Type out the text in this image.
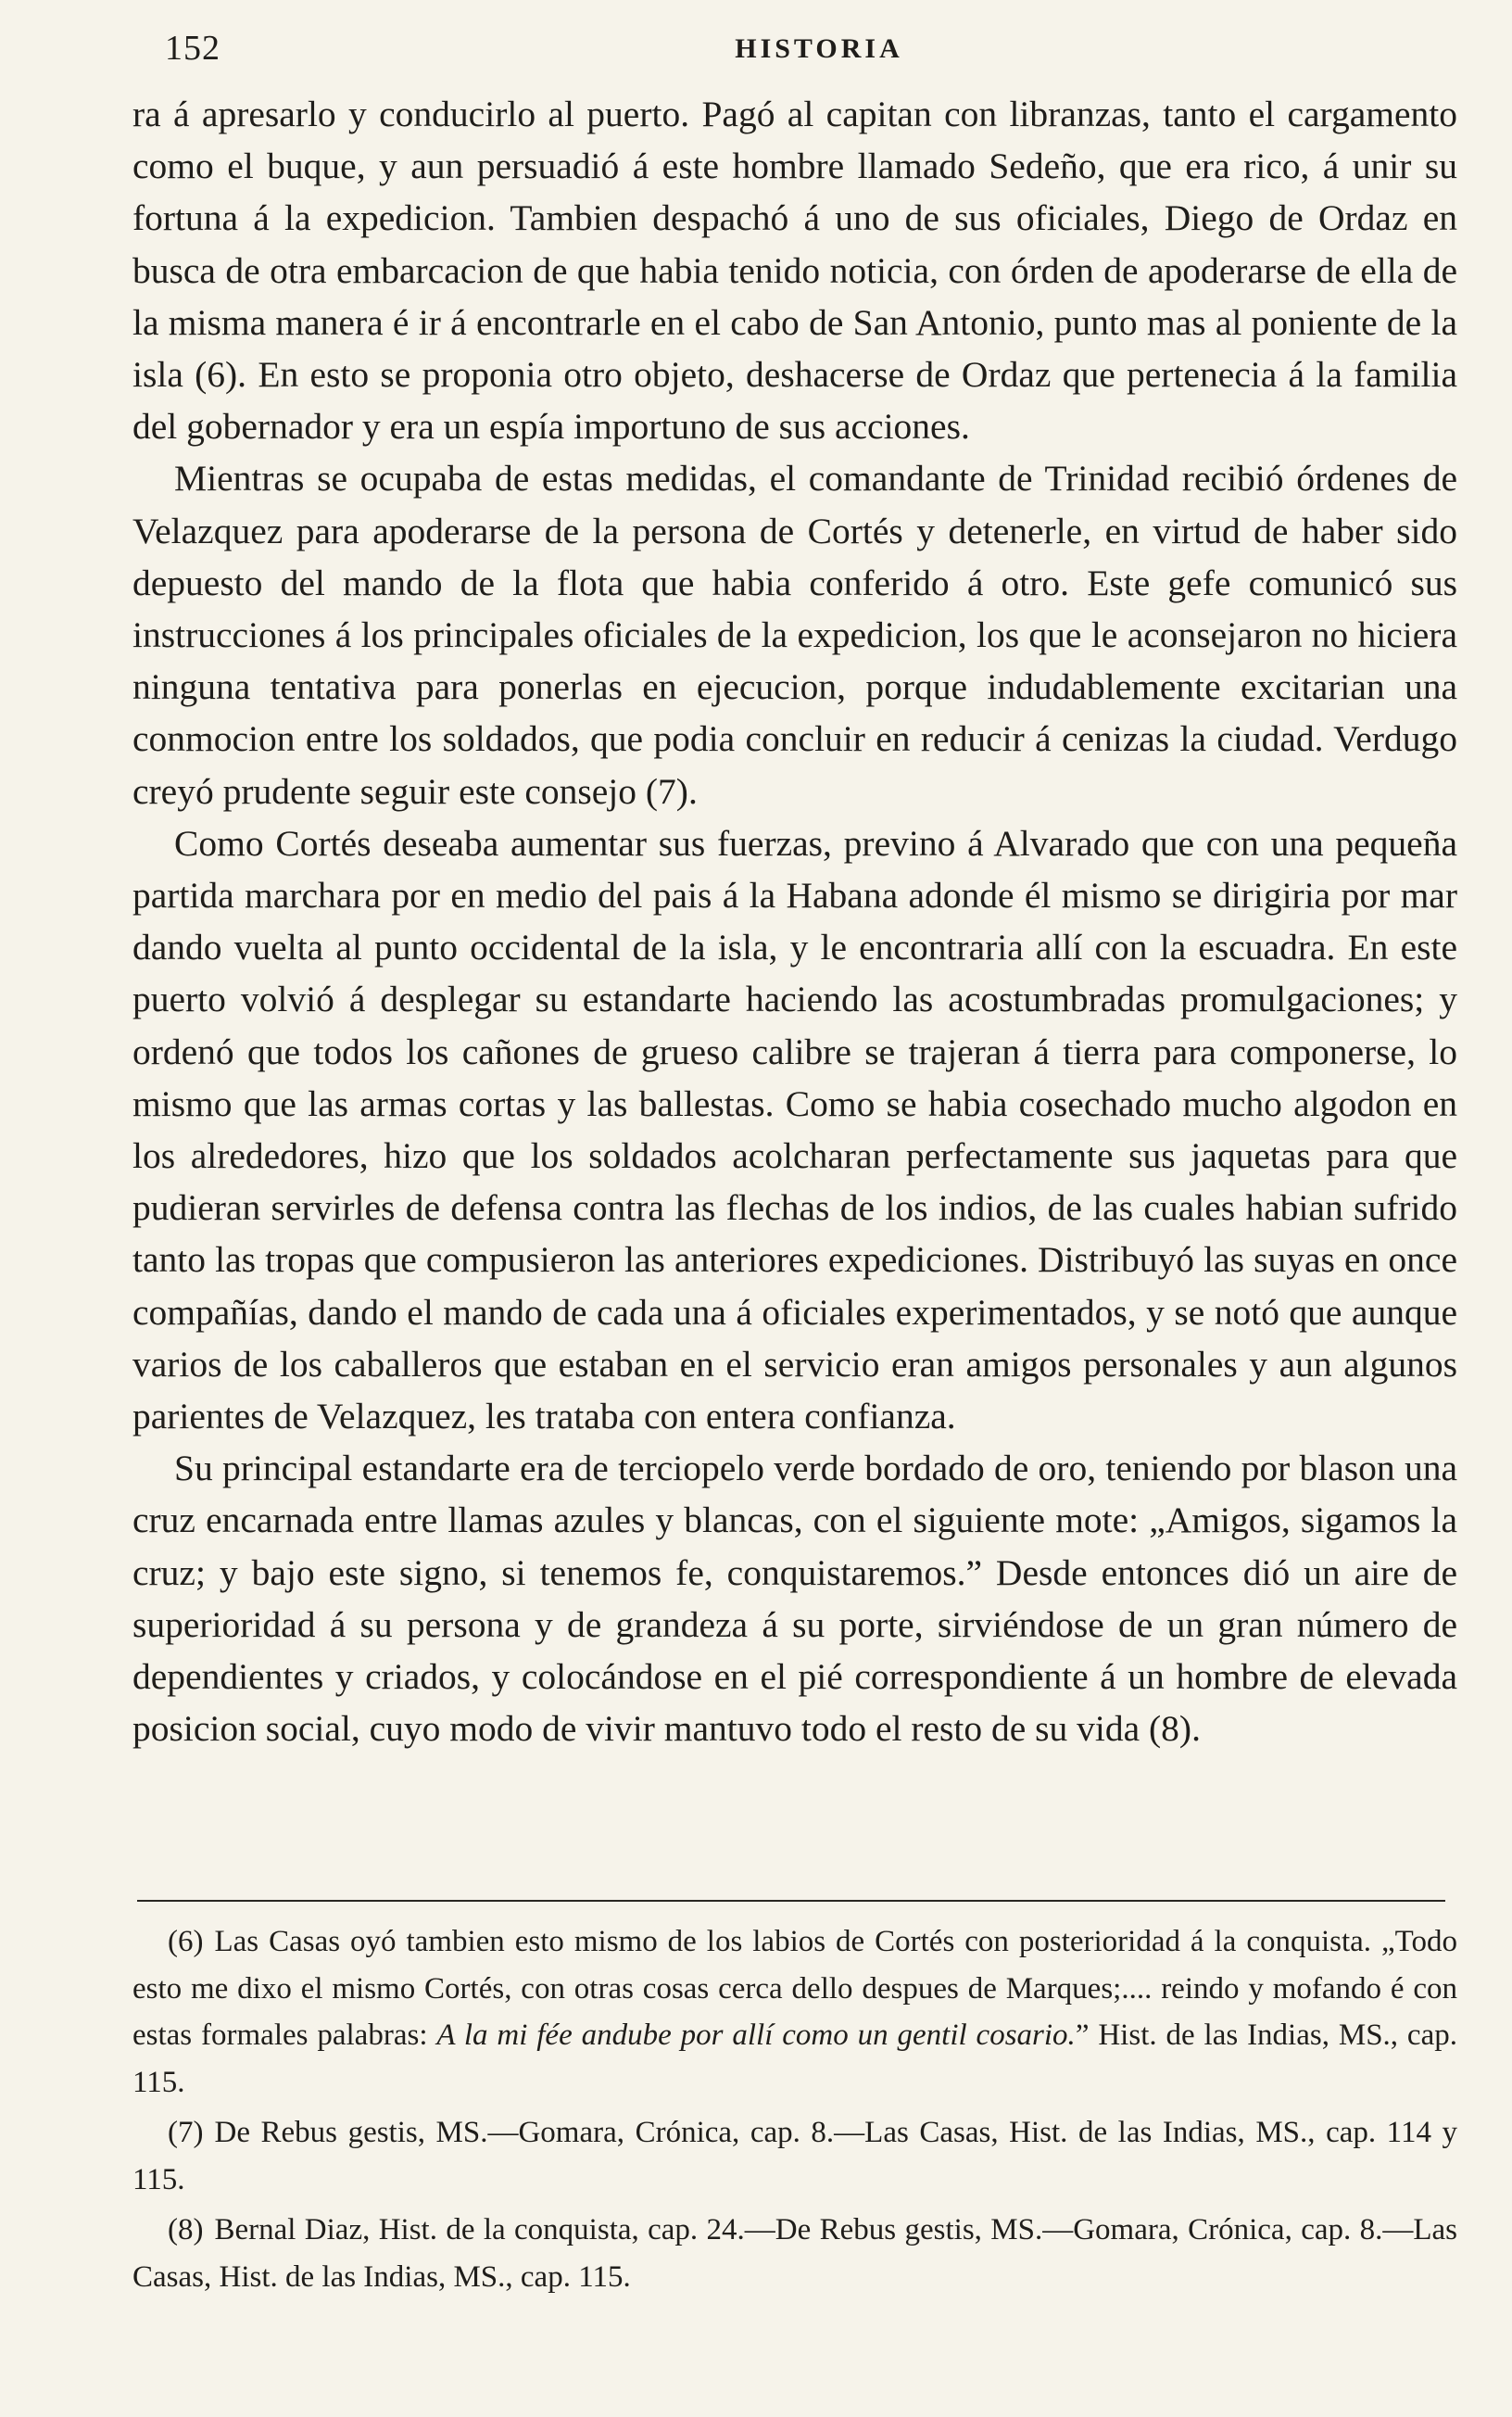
152	HISTORIA

ra á apresarlo y conducirlo al puerto. Pagó al capitan con libranzas, tanto el cargamento como el buque, y aun persuadió á este hombre llamado Sedeño, que era rico, á unir su fortuna á la expedicion. Tambien despachó á uno de sus oficiales, Diego de Ordaz en busca de otra embarcacion de que habia tenido noticia, con órden de apoderarse de ella de la misma manera é ir á encontrarle en el cabo de San Antonio, punto mas al poniente de la isla (6). En esto se proponia otro objeto, deshacerse de Ordaz que pertenecia á la familia del gobernador y era un espía importuno de sus acciones.

Mientras se ocupaba de estas medidas, el comandante de Trinidad recibió órdenes de Velazquez para apoderarse de la persona de Cortés y detenerle, en virtud de haber sido depuesto del mando de la flota que habia conferido á otro. Este gefe comunicó sus instrucciones á los principales oficiales de la expedicion, los que le aconsejaron no hiciera ninguna tentativa para ponerlas en ejecucion, porque indudablemente excitarian una conmocion entre los soldados, que podia concluir en reducir á cenizas la ciudad. Verdugo creyó prudente seguir este consejo (7).

Como Cortés deseaba aumentar sus fuerzas, previno á Alvarado que con una pequeña partida marchara por en medio del pais á la Habana adonde él mismo se dirigiria por mar dando vuelta al punto occidental de la isla, y le encontraria allí con la escuadra. En este puerto volvió á desplegar su estandarte haciendo las acostumbradas promulgaciones; y ordenó que todos los cañones de grueso calibre se trajeran á tierra para componerse, lo mismo que las armas cortas y las ballestas. Como se habia cosechado mucho algodon en los alrededores, hizo que los soldados acolcharan perfectamente sus jaquetas para que pudieran servirles de defensa contra las flechas de los indios, de las cuales habian sufrido tanto las tropas que compusieron las anteriores expediciones. Distribuyó las suyas en once compañías, dando el mando de cada una á oficiales experimentados, y se notó que aunque varios de los caballeros que estaban en el servicio eran amigos personales y aun algunos parientes de Velazquez, les trataba con entera confianza.

Su principal estandarte era de terciopelo verde bordado de oro, teniendo por blason una cruz encarnada entre llamas azules y blancas, con el siguiente mote: „Amigos, sigamos la cruz; y bajo este signo, si tenemos fe, conquistaremos.” Desde entonces dió un aire de superioridad á su persona y de grandeza á su porte, sirviéndose de un gran número de dependientes y criados, y colocándose en el pié correspondiente á un hombre de elevada posicion social, cuyo modo de vivir mantuvo todo el resto de su vida (8).

(6) Las Casas oyó tambien esto mismo de los labios de Cortés con posterioridad á la conquista. „Todo esto me dixo el mismo Cortés, con otras cosas cerca dello despues de Marques;.... reindo y mofando é con estas formales palabras: A la mi fée andube por allí como un gentil cosario.” Hist. de las Indias, MS., cap. 115.

(7) De Rebus gestis, MS.—Gomara, Crónica, cap. 8.—Las Casas, Hist. de las Indias, MS., cap. 114 y 115.

(8) Bernal Diaz, Hist. de la conquista, cap. 24.—De Rebus gestis, MS.—Gomara, Crónica, cap. 8.—Las Casas, Hist. de las Indias, MS., cap. 115.
